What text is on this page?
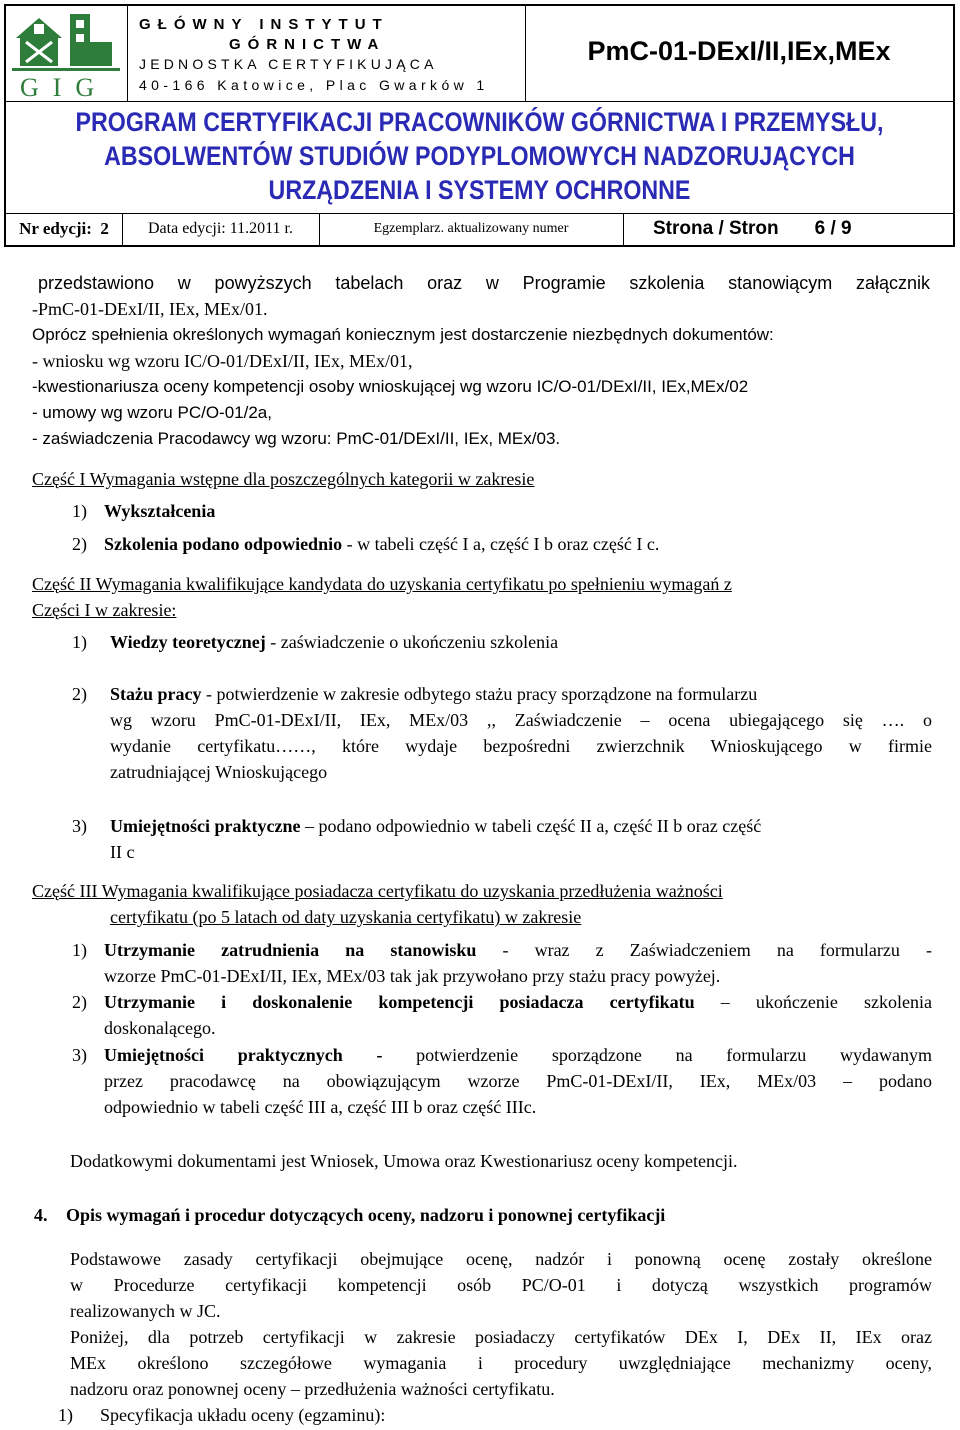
GIG
GŁÓWNY INSTYTUT
GÓRNICTWA
JEDNOSTKA CERTYFIKUJĄCA
40-166 Katowice, Plac Gwarków 1
PmC-01-DExI/II,IEx,MEx
PROGRAM CERTYFIKACJI PRACOWNIKÓW GÓRNICTWA I PRZEMYSŁU,
ABSOLWENTÓW STUDIÓW PODYPLOMOWYCH NADZORUJĄCYCH
URZĄDZENIA I SYSTEMY OCHRONNE
Nr edycji:
2 Data edycji:
11.2011 r.	Egzemplarz. aktualizowany numer	Strona / Stron 6 / 9
przedstawiono w powyższych tabelach oraz w Programie szkolenia stanowiącym załącznik
-PmC-01-DExI/II, IEx, MEx/01.
Oprócz spełnienia określonych wymagań koniecznym jest dostarczenie niezbędnych dokumentów:
- wniosku wg wzoru IC/O-01/DExI/II, IEx, MEx/01,
-kwestionariusza oceny kompetencji osoby wnioskującej wg wzoru IC/O-01/DExI/II, IEx,MEx/02
- umowy wg wzoru PC/O-01/2a,
- zaświadczenia Pracodawcy wg wzoru: PmC-01/DExI/II, IEx, MEx/03.
Część I Wymagania wstępne dla poszczególnych kategorii w zakresie
1) Wykształcenia
2) Szkolenia podano odpowiednio - w tabeli część I a, część I b oraz część I c.
Część II Wymagania kwalifikujące kandydata do uzyskania certyfikatu po spełnieniu wymagań z
Części I w zakresie:
1) Wiedzy teoretycznej - zaświadczenie o ukończeniu szkolenia
2) Stażu pracy - potwierdzenie w zakresie odbytego stażu pracy sporządzone na formularzu
wg wzoru PmC-01-DExI/II, IEx, MEx/03 ,, Zaświadczenie – ocena ubiegającego się …. o
wydanie certyfikatu……, które wydaje bezpośredni zwierzchnik Wnioskującego w firmie
zatrudniającej Wnioskującego
3) Umiejętności praktyczne – podano odpowiednio w tabeli część II a, część II b oraz część
II c
Część III Wymagania kwalifikujące posiadacza certyfikatu do uzyskania przedłużenia ważności
certyfikatu (po 5 latach od daty uzyskania certyfikatu) w zakresie
1) Utrzymanie zatrudnienia na stanowisku - wraz z Zaświadczeniem na formularzu -
wzorze PmC-01-DExI/II, IEx, MEx/03 tak jak przywołano przy stażu pracy powyżej.
2) Utrzymanie i doskonalenie kompetencji posiadacza certyfikatu – ukończenie szkolenia
doskonalącego.
3) Umiejętności praktycznych - potwierdzenie sporządzone na formularzu wydawanym
przez pracodawcę na obowiązującym wzorze PmC-01-DExI/II, IEx, MEx/03 – podano
odpowiednio w tabeli część III a, część III b oraz część IIIc.
Dodatkowymi dokumentami jest Wniosek, Umowa oraz Kwestionariusz oceny kompetencji.
4. Opis wymagań i procedur dotyczących oceny, nadzoru i ponownej certyfikacji
Podstawowe zasady certyfikacji obejmujące ocenę, nadzór i ponowną ocenę zostały określone
w Procedurze certyfikacji kompetencji osób PC/O-01 i dotyczą wszystkich programów
realizowanych w JC.
Poniżej, dla potrzeb certyfikacji w zakresie posiadaczy certyfikatów DEx I, DEx II, IEx oraz
MEx określono szczegółowe wymagania i procedury uwzględniające mechanizmy oceny,
nadzoru oraz ponownej oceny – przedłużenia ważności certyfikatu.
1) Specyfikacja układu oceny (egzaminu):
